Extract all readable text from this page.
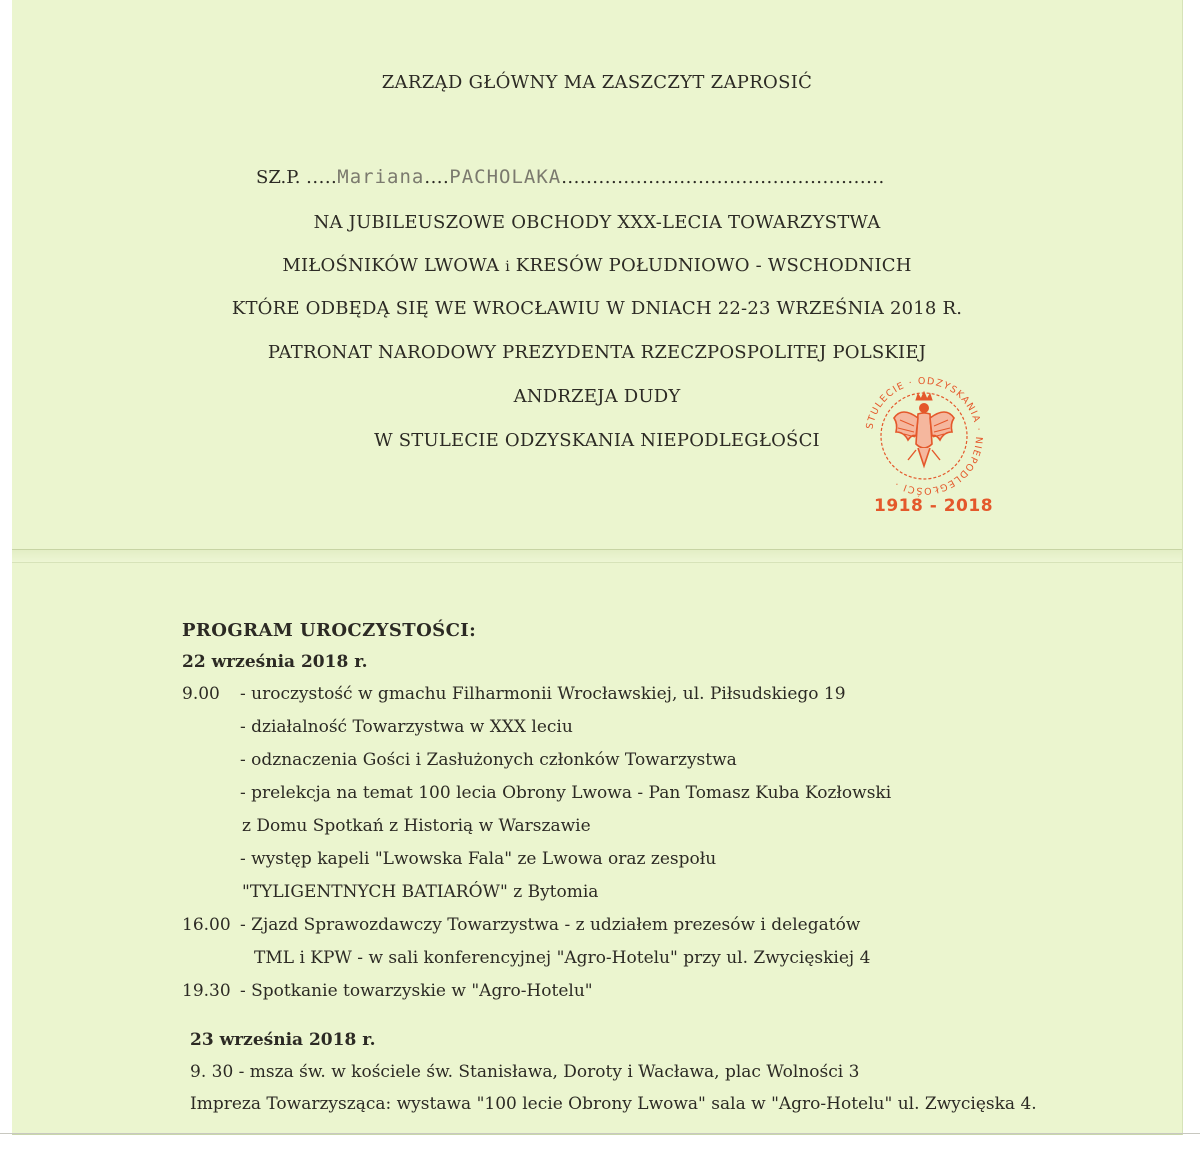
ZARZĄD GŁÓWNY MA ZASZCZYT ZAPROSIĆ
SZ.P. .....Mariana....PACHOLAKA....................................................
NA JUBILEUSZOWE OBCHODY XXX-LECIA TOWARZYSTWA
MIŁOŚNIKÓW LWOWA i KRESÓW POŁUDNIOWO - WSCHODNICH
KTÓRE ODBĘDĄ SIĘ WE WROCŁAWIU W DNIACH 22-23 WRZEŚNIA 2018 R.
PATRONAT NARODOWY PREZYDENTA RZECZPOSPOLITEJ POLSKIEJ
ANDRZEJA DUDY
W STULECIE ODZYSKANIA NIEPODLEGŁOŚCI
STULECIE · ODZYSKANIA · NIEPODLEGŁOŚCI ·
1918 - 2018
PROGRAM UROCZYSTOŚCI:
22 września 2018 r.
9.00 - uroczystość w gmachu Filharmonii Wrocławskiej, ul. Piłsudskiego 19
- działalność Towarzystwa w XXX leciu
- odznaczenia Gości i Zasłużonych członków Towarzystwa
- prelekcja na temat 100 lecia Obrony Lwowa - Pan Tomasz Kuba Kozłowski
z Domu Spotkań z Historią w Warszawie
- występ kapeli "Lwowska Fala" ze Lwowa oraz zespołu
"TYLIGENTNYCH BATIARÓW" z Bytomia
16.00 - Zjazd Sprawozdawczy Towarzystwa - z udziałem prezesów i delegatów
TML i KPW - w sali konferencyjnej "Agro-Hotelu" przy ul. Zwycięskiej 4
19.30 - Spotkanie towarzyskie w "Agro-Hotelu"
23 września 2018 r.
9. 30 - msza św. w kościele św. Stanisława, Doroty i Wacława, plac Wolności 3
Impreza Towarzysząca: wystawa "100 lecie Obrony Lwowa" sala w "Agro-Hotelu" ul. Zwycięska 4.
